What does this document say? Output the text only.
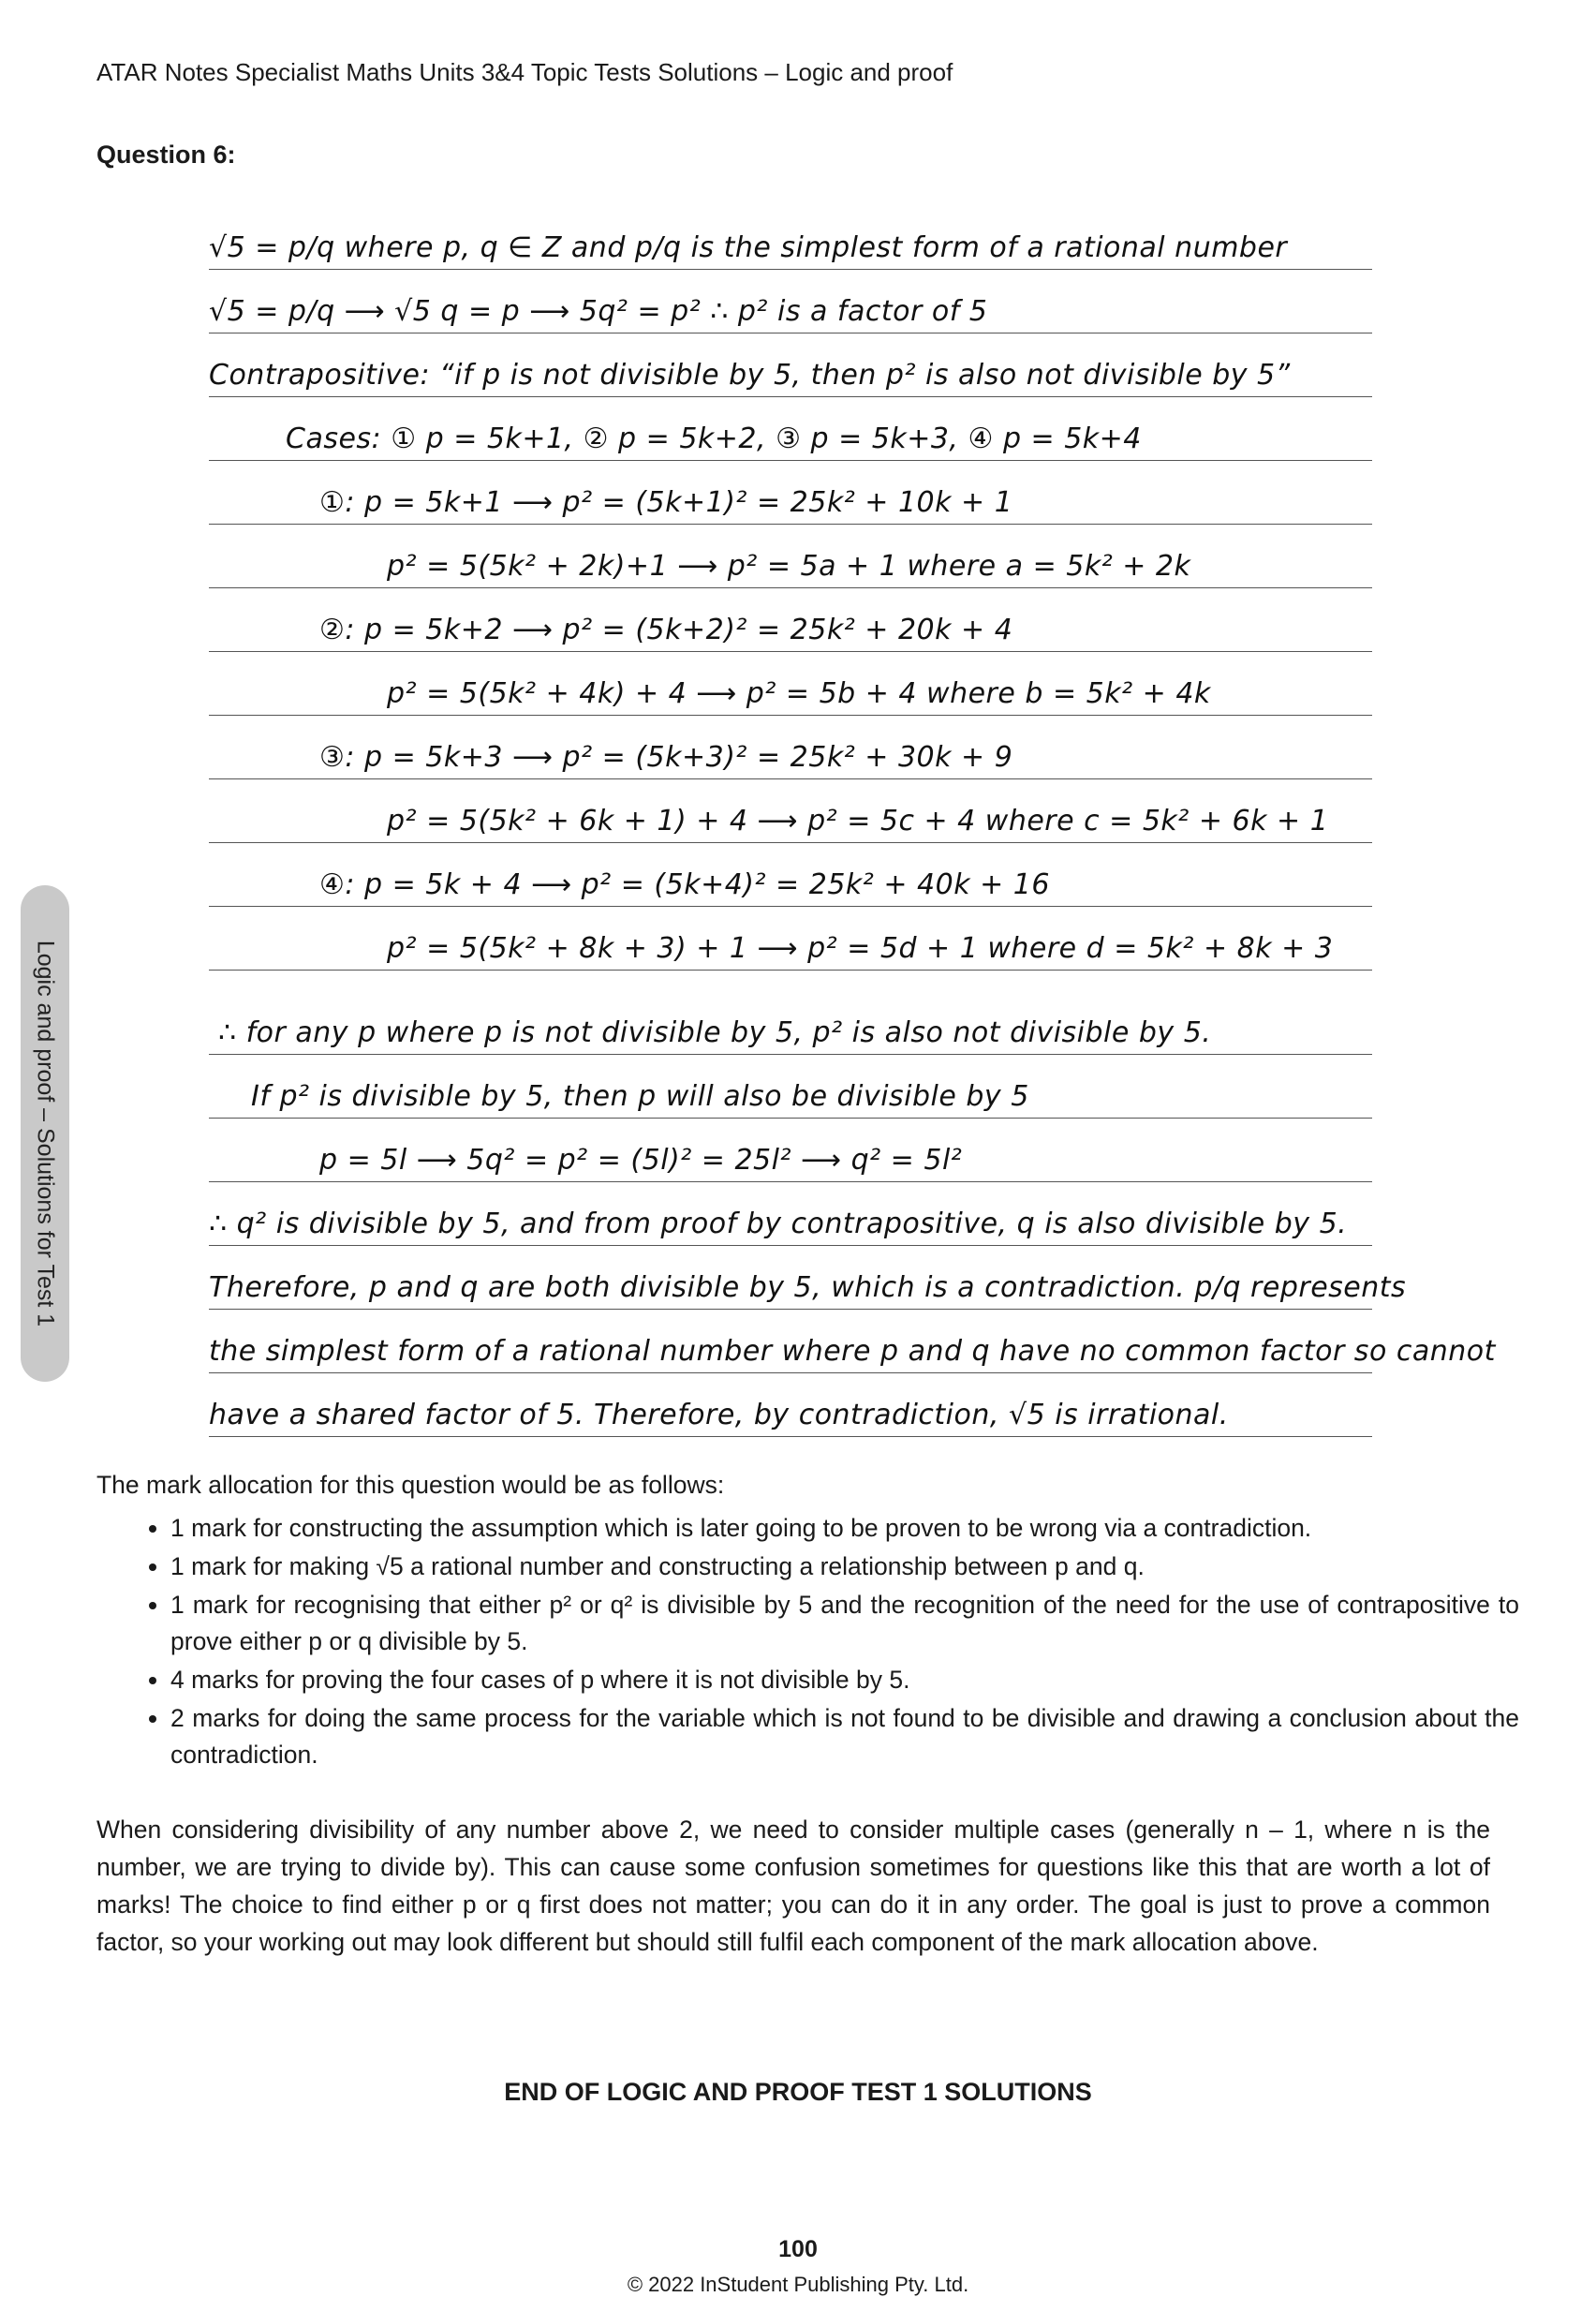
ATAR Notes Specialist Maths Units 3&4 Topic Tests Solutions – Logic and proof
Question 6:
Logic and proof – Solutions for Test 1
√5 = p/q where p, q ∈ Z and p/q is the simplest form of a rational number
√5 = p/q ⟶ √5 q = p ⟶ 5q² = p² ∴ p² is a factor of 5
Contrapositive: “if p is not divisible by 5, then p² is also not divisible by 5”
Cases: ① p = 5k+1, ② p = 5k+2, ③ p = 5k+3, ④ p = 5k+4
①: p = 5k+1 ⟶ p² = (5k+1)² = 25k² + 10k + 1
p² = 5(5k² + 2k)+1 ⟶ p² = 5a + 1 where a = 5k² + 2k
②: p = 5k+2 ⟶ p² = (5k+2)² = 25k² + 20k + 4
p² = 5(5k² + 4k) + 4 ⟶ p² = 5b + 4 where b = 5k² + 4k
③: p = 5k+3 ⟶ p² = (5k+3)² = 25k² + 30k + 9
p² = 5(5k² + 6k + 1) + 4 ⟶ p² = 5c + 4 where c = 5k² + 6k + 1
④: p = 5k + 4 ⟶ p² = (5k+4)² = 25k² + 40k + 16
p² = 5(5k² + 8k + 3) + 1 ⟶ p² = 5d + 1 where d = 5k² + 8k + 3
∴ for any p where p is not divisible by 5, p² is also not divisible by 5.
If p² is divisible by 5, then p will also be divisible by 5
p = 5l ⟶ 5q² = p² = (5l)² = 25l² ⟶ q² = 5l²
∴ q² is divisible by 5, and from proof by contrapositive, q is also divisible by 5.
Therefore, p and q are both divisible by 5, which is a contradiction. p/q represents
the simplest form of a rational number where p and q have no common factor so cannot
have a shared factor of 5. Therefore, by contradiction, √5 is irrational.
The mark allocation for this question would be as follows:
• 1 mark for constructing the assumption which is later going to be proven to be wrong via a contradiction.
• 1 mark for making √5 a rational number and constructing a relationship between p and q.
• 1 mark for recognising that either p² or q² is divisible by 5 and the recognition of the need for the use of contrapositive to prove either p or q divisible by 5.
• 4 marks for proving the four cases of p where it is not divisible by 5.
• 2 marks for doing the same process for the variable which is not found to be divisible and drawing a conclusion about the contradiction.
When considering divisibility of any number above 2, we need to consider multiple cases (generally n – 1, where n is the number, we are trying to divide by). This can cause some confusion sometimes for questions like this that are worth a lot of marks! The choice to find either p or q first does not matter; you can do it in any order. The goal is just to prove a common factor, so your working out may look different but should still fulfil each component of the mark allocation above.
END OF LOGIC AND PROOF TEST 1 SOLUTIONS
100
© 2022 InStudent Publishing Pty. Ltd.
